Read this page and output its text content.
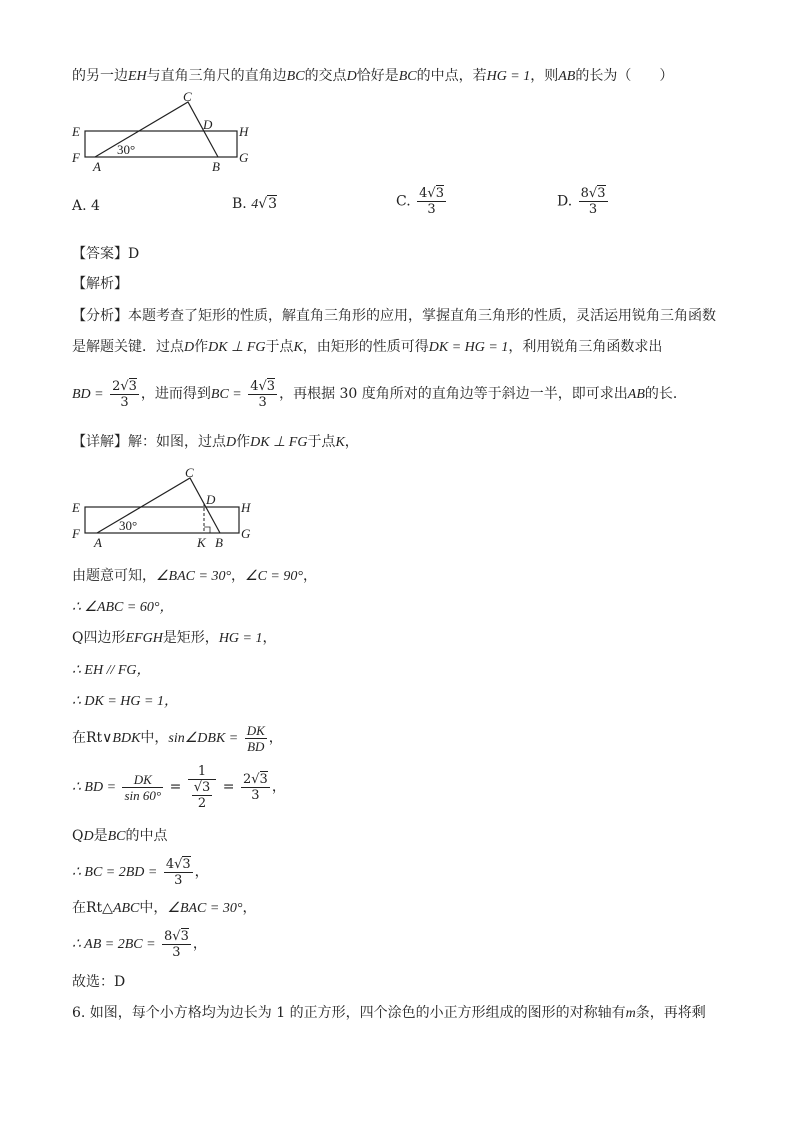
的另一边EH与直角三角尺的直角边BC的交点D恰好是BC的中点，若HG = 1，则AB的长为（　　）
E
F
A	B
C
D H
G
30°
A. 4	B. 4√3	C. $\frac{4√3}{3}$	D. $\frac{8√3}{3}$
【答案】D
【解析】
【分析】本题考查了矩形的性质，解直角三角形的应用，掌握直角三角形的性质，灵活运用锐角三角函数
是解题关键．过点D作DK ⊥ FG于点K，由矩形的性质可得DK = HG = 1，利用锐角三角函数求出
BD = $\frac{2√3}{3}$ ，进而得到BC = $\frac{4√3}{3}$ ，再根据 30 度角所对的直角边等于斜边一半，即可求出AB的长．
【详解】解：如图，过点D作DK ⊥ FG于点K，
E
F
A	K B
C
D
H
G
30°
由题意可知，∠BAC = 30°，∠C = 90°，
∴ ∠ABC = 60°，
Q四边形EFGH是矩形，HG = 1，
∴ EH // FG，
∴ DK = HG = 1，
在Rt∨BDK中，sin∠DBK = $\frac{DK}{BD}$ ，
∴ BD = $\frac{DK}{\sin 60^\circ} = \frac{1}{\frac{√3}{2}} = \frac{2√3}{3}$ ，
QD是BC的中点
∴ BC = $2BD = \frac{4√3}{3}$ ，
在Rt△ABC中，∠BAC = 30°，
∴ AB = $2BC = \frac{8√3}{3}$ ，
故选：D
6. 如图，每个小方格均为边长为 1 的正方形，四个涂色的小正方形组成的图形的对称轴有m条，再将剩
